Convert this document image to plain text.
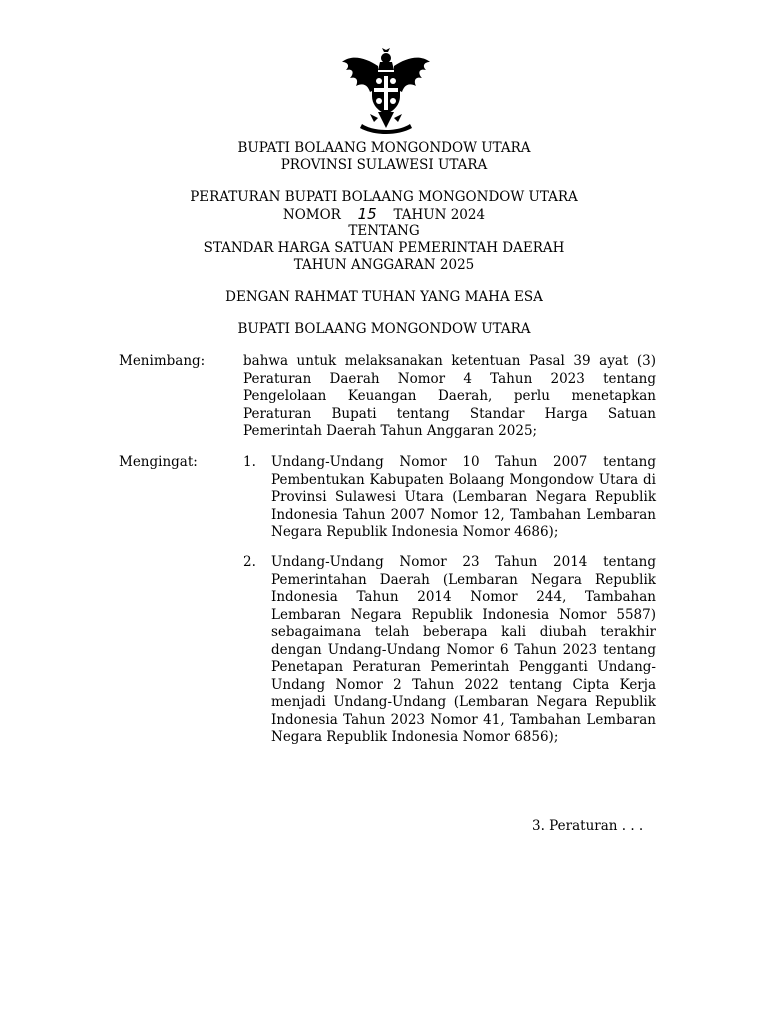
BUPATI BOLAANG MONGONDOW UTARA
PROVINSI SULAWESI UTARA
PERATURAN BUPATI BOLAANG MONGONDOW UTARA
NOMOR 15 TAHUN 2024
TENTANG
STANDAR HARGA SATUAN PEMERINTAH DAERAH
TAHUN ANGGARAN 2025
DENGAN RAHMAT TUHAN YANG MAHA ESA
BUPATI BOLAANG MONGONDOW UTARA
Menimbang:	bahwa untuk melaksanakan ketentuan Pasal 39 ayat (3) Peraturan Daerah Nomor 4 Tahun 2023 tentang Pengelolaan Keuangan Daerah, perlu menetapkan Peraturan Bupati tentang Standar Harga Satuan Pemerintah Daerah Tahun Anggaran 2025;
Mengingat:	1. Undang-Undang Nomor 10 Tahun 2007 tentang Pembentukan Kabupaten Bolaang Mongondow Utara di Provinsi Sulawesi Utara (Lembaran Negara Republik Indonesia Tahun 2007 Nomor 12, Tambahan Lembaran Negara Republik Indonesia Nomor 4686);
2. Undang-Undang Nomor 23 Tahun 2014 tentang Pemerintahan Daerah (Lembaran Negara Republik Indonesia Tahun 2014 Nomor 244, Tambahan Lembaran Negara Republik Indonesia Nomor 5587) sebagaimana telah beberapa kali diubah terakhir dengan Undang-Undang Nomor 6 Tahun 2023 tentang Penetapan Peraturan Pemerintah Pengganti Undang-Undang Nomor 2 Tahun 2022 tentang Cipta Kerja menjadi Undang-Undang (Lembaran Negara Republik Indonesia Tahun 2023 Nomor 41, Tambahan Lembaran Negara Republik Indonesia Nomor 6856);
3. Peraturan . . .
